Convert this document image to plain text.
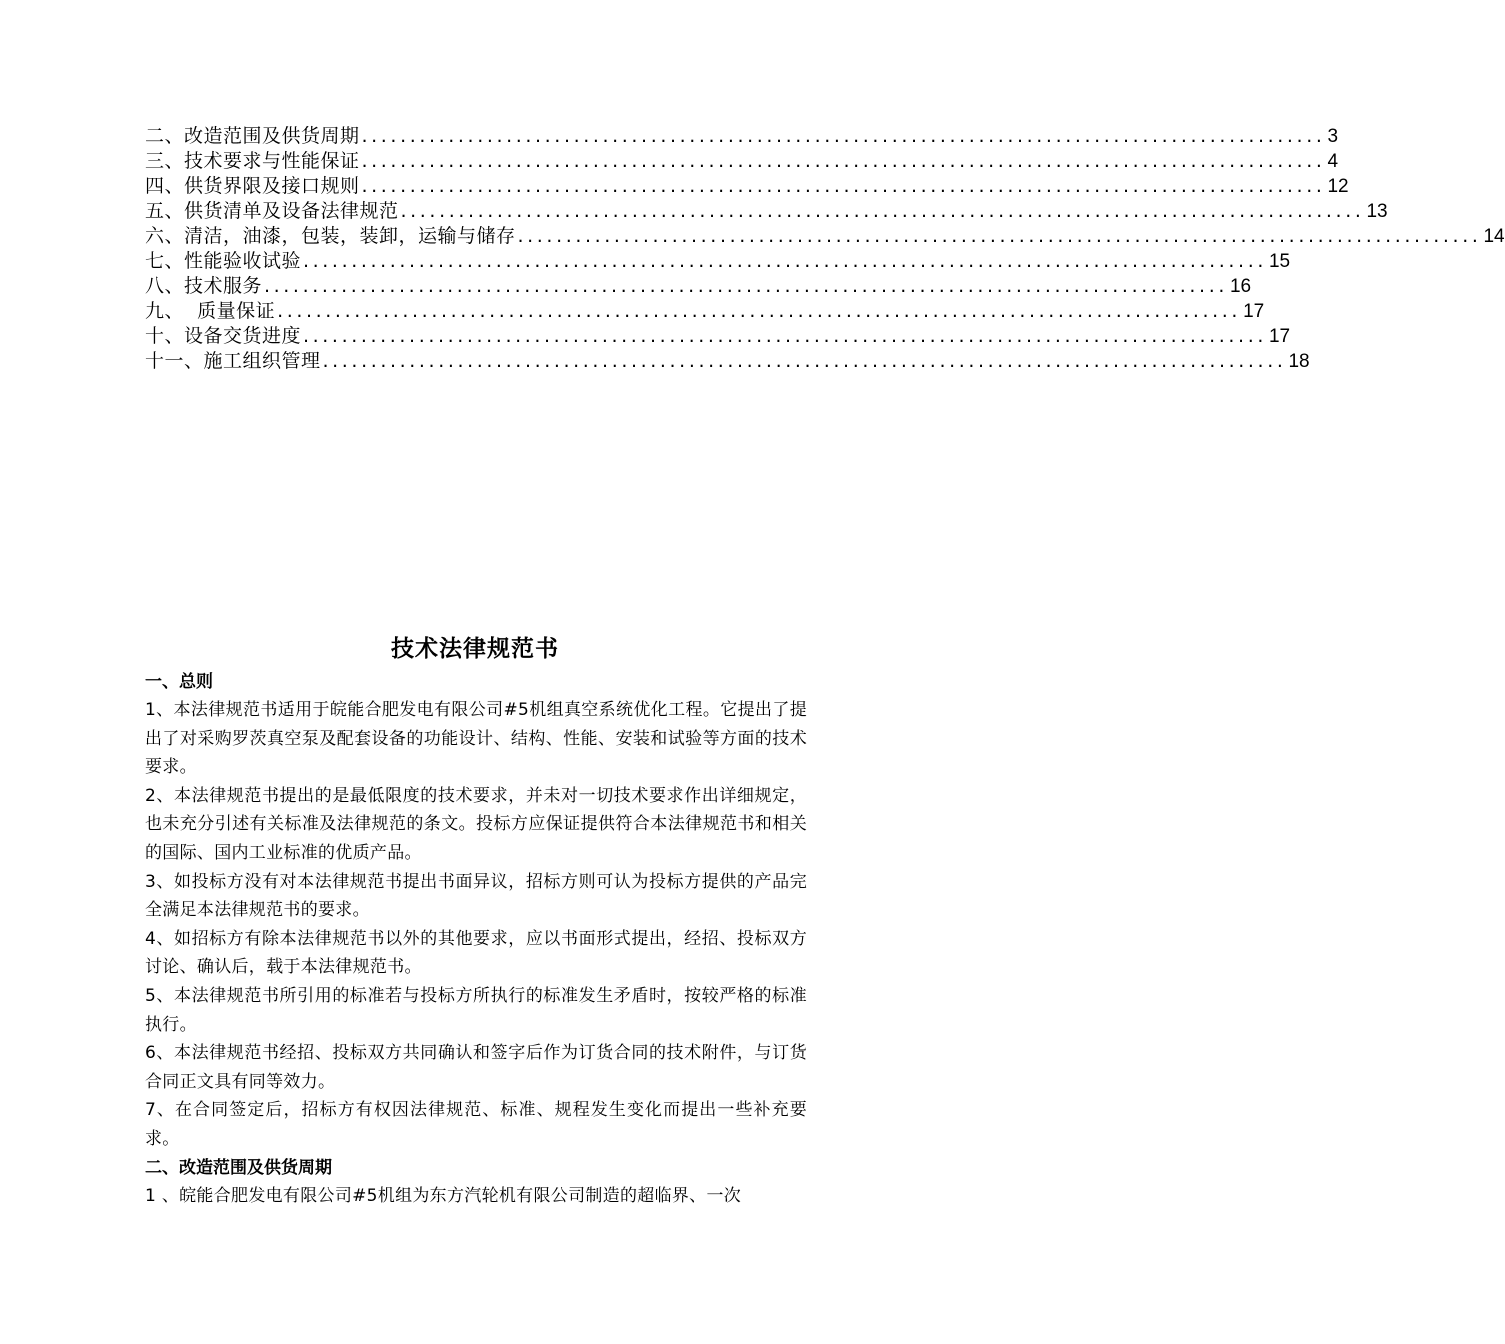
二、改造范围及供货周期 .................................................................................................... 3
三、技术要求与性能保证 .................................................................................................... 4
四、供货界限及接口规则 .................................................................................................... 12
五、供货清单及设备法律规范 .................................................................................................... 13
六、清洁，油漆，包装，装卸，运输与储存 .................................................................................................... 14
七、性能验收试验 .................................................................................................... 15
八、技术服务 .................................................................................................... 16
九、  质量保证 .................................................................................................... 17
十、设备交货进度 .................................................................................................... 17
十一、施工组织管理 .................................................................................................... 18
技术法律规范书

一、总则

1、本法律规范书适用于皖能合肥发电有限公司#5机组真空系统优化工程。它提出了提出了对采购罗茨真空泵及配套设备的功能设计、结构、性能、安装和试验等方面的技术要求。

2、本法律规范书提出的是最低限度的技术要求，并未对一切技术要求作出详细规定，也未充分引述有关标准及法律规范的条文。投标方应保证提供符合本法律规范书和相关的国际、国内工业标准的优质产品。

3、如投标方没有对本法律规范书提出书面异议，招标方则可认为投标方提供的产品完全满足本法律规范书的要求。

4、如招标方有除本法律规范书以外的其他要求，应以书面形式提出，经招、投标双方讨论、确认后，载于本法律规范书。

5、本法律规范书所引用的标准若与投标方所执行的标准发生矛盾时，按较严格的标准执行。

6、本法律规范书经招、投标双方共同确认和签字后作为订货合同的技术附件，与订货合同正文具有同等效力。

7、在合同签定后，招标方有权因法律规范、标准、规程发生变化而提出一些补充要求。

二、改造范围及供货周期

1 、皖能合肥发电有限公司#5机组为东方汽轮机有限公司制造的超临界、一次
